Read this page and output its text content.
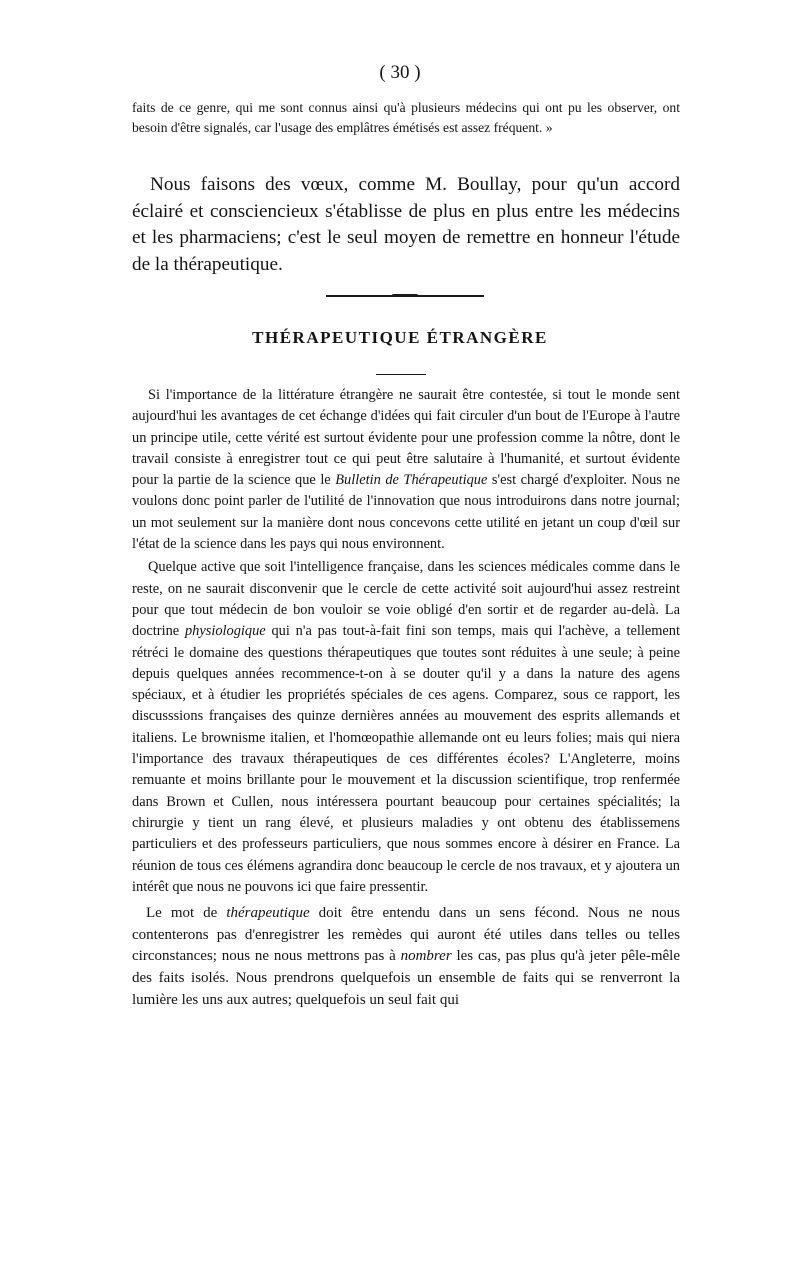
( 30 )

faits de ce genre, qui me sont connus ainsi qu'à plusieurs médecins qui ont pu les observer, ont besoin d'être signalés, car l'usage des emplâtres émétisés est assez fréquent. »

Nous faisons des vœux, comme M. Boullay, pour qu'un accord éclairé et consciencieux s'établisse de plus en plus entre les médecins et les pharmaciens; c'est le seul moyen de remettre en honneur l'étude de la thérapeutique.

THÉRAPEUTIQUE ÉTRANGÈRE

Si l'importance de la littérature étrangère ne saurait être contestée, si tout le monde sent aujourd'hui les avantages de cet échange d'idées qui fait circuler d'un bout de l'Europe à l'autre un principe utile, cette vérité est surtout évidente pour une profession comme la nôtre, dont le travail consiste à enregistrer tout ce qui peut être salutaire à l'humanité, et surtout évidente pour la partie de la science que le Bulletin de Thérapeutique s'est chargé d'exploiter. Nous ne voulons donc point parler de l'utilité de l'innovation que nous introduirons dans notre journal; un mot seulement sur la manière dont nous concevons cette utilité en jetant un coup d'œil sur l'état de la science dans les pays qui nous environnent.

Quelque active que soit l'intelligence française, dans les sciences médicales comme dans le reste, on ne saurait disconvenir que le cercle de cette activité soit aujourd'hui assez restreint pour que tout médecin de bon vouloir se voie obligé d'en sortir et de regarder au-delà. La doctrine physiologique qui n'a pas tout-à-fait fini son temps, mais qui l'achève, a tellement rétréci le domaine des questions thérapeutiques que toutes sont réduites à une seule; à peine depuis quelques années recommence-t-on à se douter qu'il y a dans la nature des agens spéciaux, et à étudier les propriétés spéciales de ces agens. Comparez, sous ce rapport, les discusssions françaises des quinze dernières années au mouvement des esprits allemands et italiens. Le brownisme italien, et l'homœopathie allemande ont eu leurs folies; mais qui niera l'importance des travaux thérapeutiques de ces différentes écoles? L'Angleterre, moins remuante et moins brillante pour le mouvement et la discussion scientifique, trop renfermée dans Brown et Cullen, nous intéressera pourtant beaucoup pour certaines spécialités; la chirurgie y tient un rang élevé, et plusieurs maladies y ont obtenu des établissemens particuliers et des professeurs particuliers, que nous sommes encore à désirer en France. La réunion de tous ces élémens agrandira donc beaucoup le cercle de nos travaux, et y ajoutera un intérêt que nous ne pouvons ici que faire pressentir.

Le mot de thérapeutique doit être entendu dans un sens fécond. Nous ne nous contenterons pas d'enregistrer les remèdes qui auront été utiles dans telles ou telles circonstances; nous ne nous mettrons pas à nombrer les cas, pas plus qu'à jeter pêle-mêle des faits isolés. Nous prendrons quelquefois un ensemble de faits qui se renverront la lumière les uns aux autres; quelquefois un seul fait qui
